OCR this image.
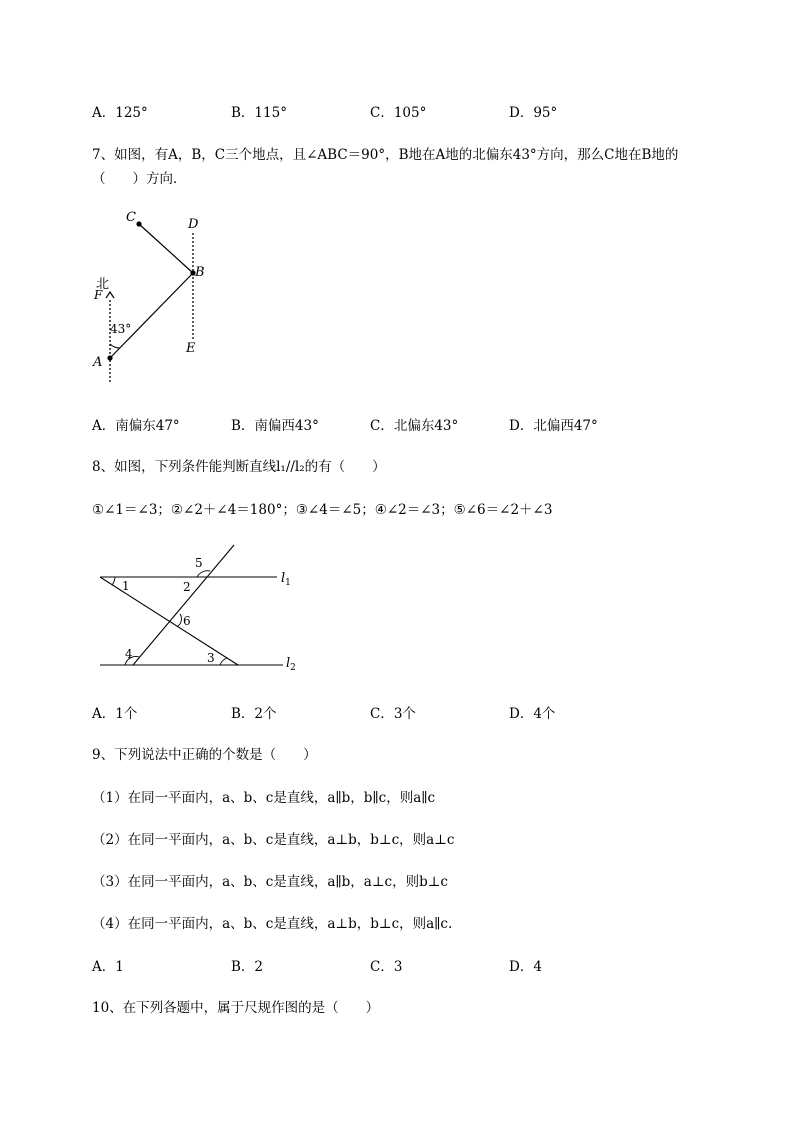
A．125°	B．115°	C．105°	D．95°
7、如图，有A，B，C三个地点，且∠ABC＝90°，B地在A地的北偏东43°方向，那么C地在B地的
（　　）方向．
C	D
B
北
F
43°
A
E
A．南偏东47°	B．南偏西43°	C．北偏东43°	D．北偏西47°
8、如图，下列条件能判断直线l₁//l₂的有（　　）
①∠1＝∠3；②∠2＋∠4＝180°；③∠4＝∠5；④∠2＝∠3；⑤∠6＝∠2＋∠3
5
1	2
$l_1$
6
4	3	$l_2$
A．1个	B．2个	C．3个	D．4个
9、下列说法中正确的个数是（　　）
（1）在同一平面内，a、b、c是直线，a∥b，b∥c，则a∥c
（2）在同一平面内，a、b、c是直线，a⊥b，b⊥c，则a⊥c
（3）在同一平面内，a、b、c是直线，a∥b，a⊥c，则b⊥c
（4）在同一平面内，a、b、c是直线，a⊥b，b⊥c，则a∥c.
A．1	B．2	C．3	D．4
10、在下列各题中，属于尺规作图的是（　　）
